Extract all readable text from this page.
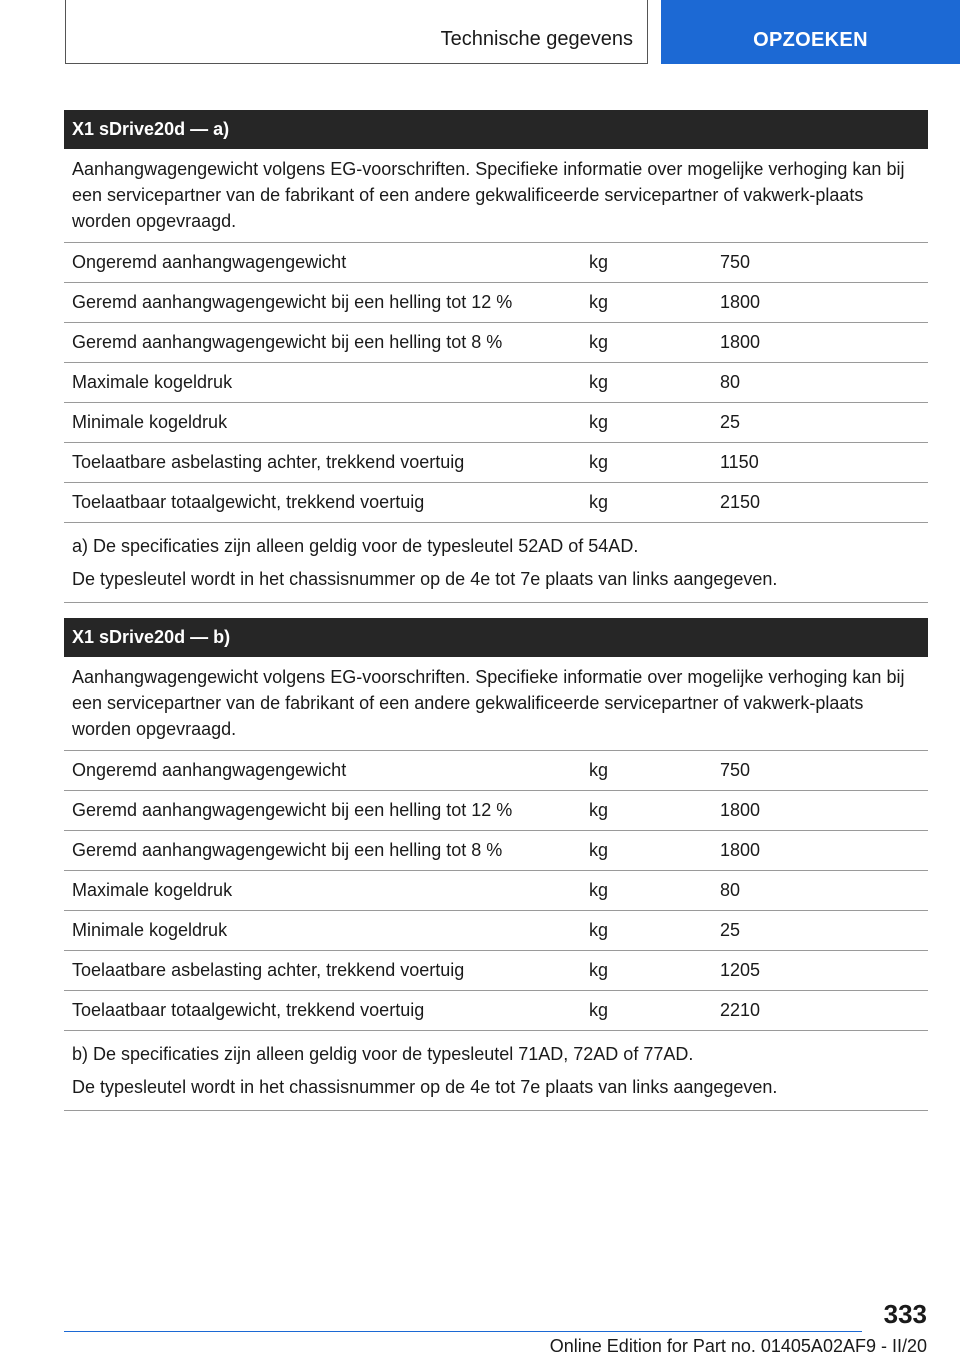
Technische gegevens	OPZOEKEN
X1 sDrive20d — a)
Aanhangwagengewicht volgens EG-voorschriften. Specifieke informatie over mogelijke verhoging kan bij een servicepartner van de fabrikant of een andere gekwalificeerde servicepartner of vakwerk-plaats worden opgevraagd.
Ongeremd aanhangwagengewicht	kg	750
Geremd aanhangwagengewicht bij een helling tot 12 %	kg	1800
Geremd aanhangwagengewicht bij een helling tot 8 %	kg	1800
Maximale kogeldruk	kg	80
Minimale kogeldruk	kg	25
Toelaatbare asbelasting achter, trekkend voertuig	kg	1150
Toelaatbaar totaalgewicht, trekkend voertuig	kg	2150
a) De specificaties zijn alleen geldig voor de typesleutel 52AD of 54AD.
De typesleutel wordt in het chassisnummer op de 4e tot 7e plaats van links aangegeven.
X1 sDrive20d — b)
Aanhangwagengewicht volgens EG-voorschriften. Specifieke informatie over mogelijke verhoging kan bij een servicepartner van de fabrikant of een andere gekwalificeerde servicepartner of vakwerk-plaats worden opgevraagd.
Ongeremd aanhangwagengewicht	kg	750
Geremd aanhangwagengewicht bij een helling tot 12 %	kg	1800
Geremd aanhangwagengewicht bij een helling tot 8 %	kg	1800
Maximale kogeldruk	kg	80
Minimale kogeldruk	kg	25
Toelaatbare asbelasting achter, trekkend voertuig	kg	1205
Toelaatbaar totaalgewicht, trekkend voertuig	kg	2210
b) De specificaties zijn alleen geldig voor de typesleutel 71AD, 72AD of 77AD.
De typesleutel wordt in het chassisnummer op de 4e tot 7e plaats van links aangegeven.
333
Online Edition for Part no. 01405A02AF9 - II/20
